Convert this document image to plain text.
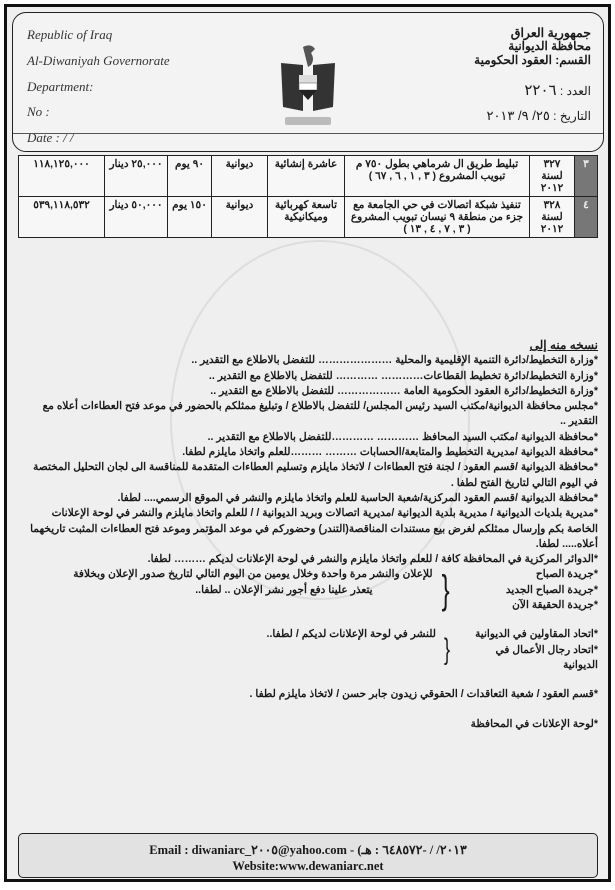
Republic of Iraq
Al-Diwaniyah Governorate
Department:
No :
Date : / /
جمهورية العراق
محافظة الديوانية
القسم: العقود الحكومية
العدد : ٢٢٠٦
التاريخ : ٢٥/ ٩/ ٢٠١٣
٣	٣٢٧ لسنة ٢٠١٢	تبليط طريق ال شرماهي بطول ٧٥٠ م تبويب المشروع ( ٣ , ١ , ٦ , ٦٧ )	عاشرة إنشائية	ديوانية	٩٠ يوم	٢٥,٠٠٠ دينار	١١٨,١٢٥,٠٠٠
٤	٣٢٨ لسنة ٢٠١٢	تنفيذ شبكة اتصالات في حي الجامعة مع جزء من منطقة ٩ نيسان تبويب المشروع ( ٣ , ٧ , ٤ , ١٣ )	تاسعة كهربائية وميكانيكية	ديوانية	١٥٠ يوم	٥٠,٠٠٠ دينار	٥٣٩,١١٨,٥٣٢

نسخه منه إلى

*وزارة التخطيط/دائرة التنمية الإقليمية والمحلية ………………… للتفضل بالاطلاع مع التقدير ..

*وزارة التخطيط/دائرة تخطيط القطاعات………… ………… للتفضل بالاطلاع مع التقدير ..

*وزارة التخطيط/دائرة العقود الحكومية العامة ……………… للتفضل بالاطلاع مع التقدير ..

*مجلس محافظة الديوانية/مكتب السيد رئيس المجلس/ للتفضل بالاطلاع / وتبليغ ممثلكم بالحضور في موعد فتح العطاءات أعلاه مع التقدير ..

*محافظة الديوانية /مكتب السيد المحافظ ………… …………للتفضل بالاطلاع مع التقدير ..

*محافظة الديوانية /مديرية التخطيط والمتابعة/الحسابات ……… ………للعلم واتخاذ مايلزم لطفا.

*محافظة الديوانية /قسم العقود / لجنة فتح العطاءات / لاتخاذ مايلزم وتسليم العطاءات المتقدمة للمناقسة الى لجان التحليل المختصة في اليوم التالي لتاريخ الفتح لطفا .

*محافظة الديوانية /قسم العقود المركزية/شعبة الحاسبة للعلم واتخاذ مايلزم والنشر في الموقع الرسمي.... لطفا.

*مديرية بلديات الديوانية / مديرية بلدية الديوانية /مديرية اتصالات وبريد الديوانية / / للعلم واتخاذ مايلزم والنشر في لوحة الإعلانات الخاصة بكم وإرسال ممثلكم لغرض بيع مستندات المناقصة(التندر) وحضوركم في موعد المؤتمر وموعد فتح العطاءات المثبت تاريخهما أعلاه..... لطفا.

*الدوائر المركزية في المحافظة كافة / للعلم واتخاذ مايلزم والنشر في لوحة الإعلانات لديكم ……… لطفا.

*جريدة الصباح

*جريدة الصباح الجديد

*جريدة الحقيقة الآن

{

للإعلان والنشر مرة واحدة وخلال يومين من اليوم التالي لتاريخ صدور الإعلان وبخلافة

يتعذر علينا دفع أجور نشر الإعلان .. لطفا..

*اتحاد المقاولين في الديوانية

*اتحاد رجال الأعمال في الديوانية

{

للنشر في لوحة الإعلانات لديكم / لطفا..

*قسم العقود / شعبة التعاقدات / الحقوقي زيدون جابر حسن / لاتخاذ مايلزم لطفا .

*لوحة الإعلانات في المحافظة

Email : diwaniarc_٢٠٠٥@yahoo.com - (٢٠١٣/ / -٦٤٨٥٧٢ : هـ
Website:www.dewaniarc.net
